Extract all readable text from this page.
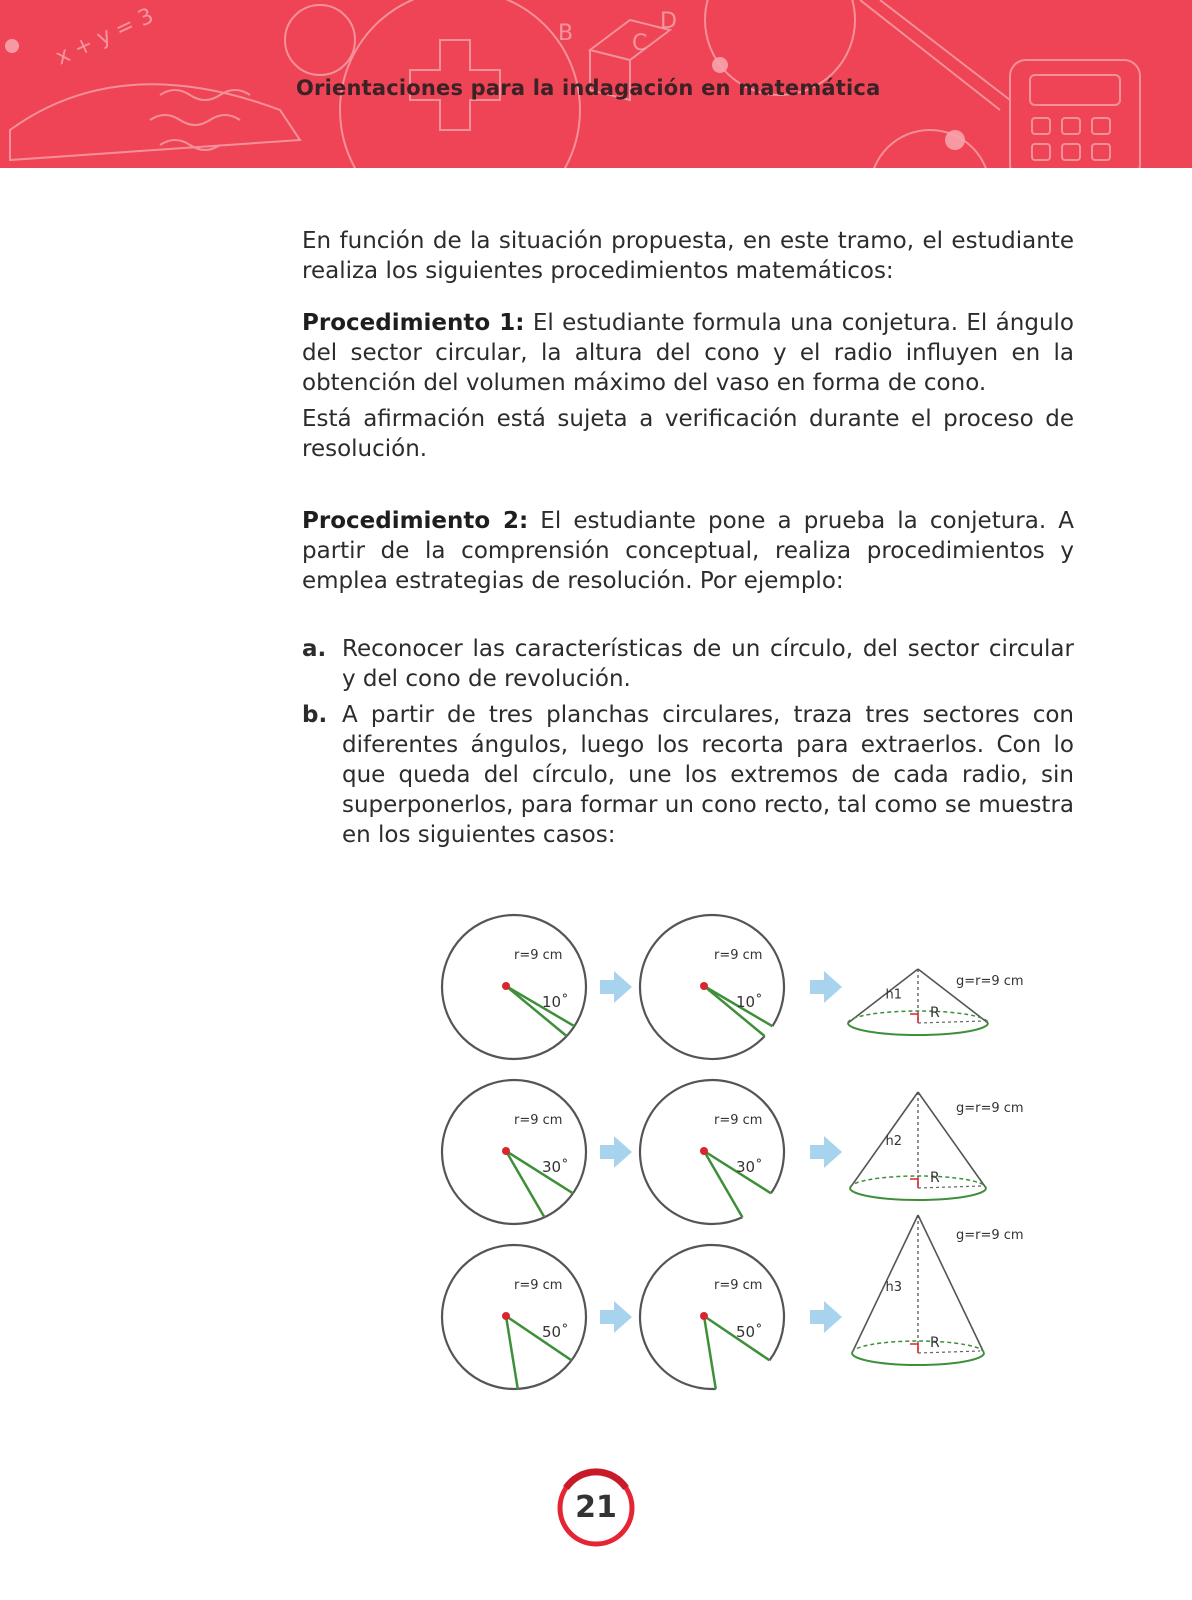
x + y = 3	B	C
D
Orientaciones para la indagación en matemática

En función de la situación propuesta, en este tramo, el estudiante realiza los siguientes procedimientos matemáticos:

Procedimiento 1: El estudiante formula una conjetura. El ángulo del sector circular, la altura del cono y el radio influyen en la obtención del volumen máximo del vaso en forma de cono.

Está afirmación está sujeta a verificación durante el proceso de resolución.

Procedimiento 2: El estudiante pone a prueba la conjetura. A partir de la comprensión conceptual, realiza procedimientos y emplea estrategias de resolución. Por ejemplo:

a. Reconocer las características de un círculo, del sector circular y del cono de revolución.
b. A partir de tres planchas circulares, traza tres sectores con diferentes ángulos, luego los recorta para extraerlos. Con lo que queda del círculo, une los extremos de cada radio, sin superponerlos, para formar un cono recto, tal como se muestra en los siguientes casos:
r=9 cm
10˚
r=9 cm
10˚	h1
R
g=r=9 cm
r=9 cm
30˚
r=9 cm
30˚
h2
R
g=r=9 cm
r=9 cm
50˚
r=9 cm
50˚
h3
R
g=r=9 cm
21
